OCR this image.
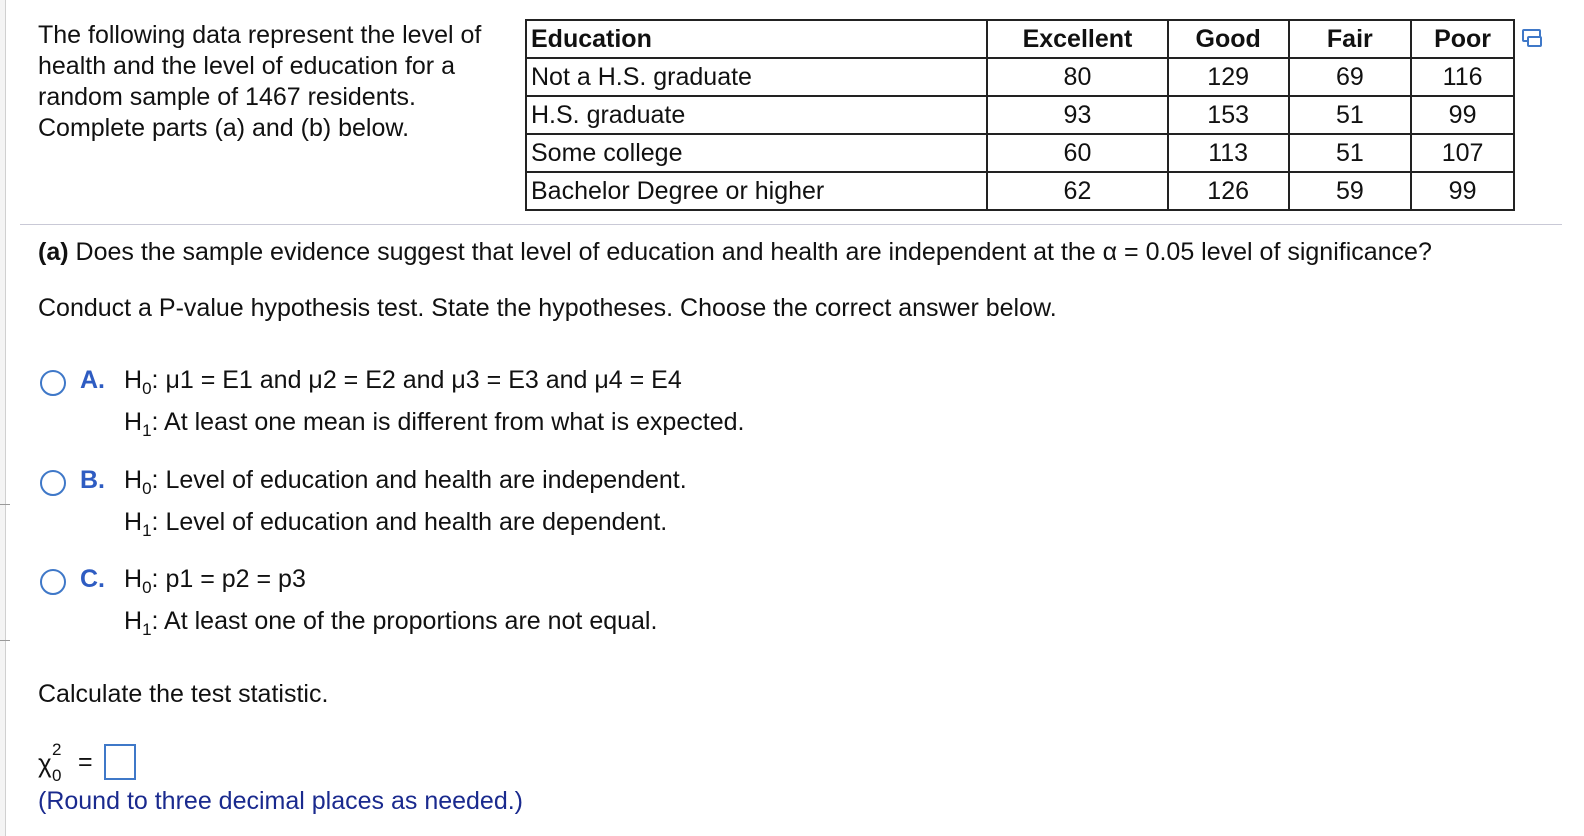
The following data represent the level of health and the level of education for a random sample of 1467 residents. Complete parts (a) and (b) below.
Education	Excellent	Good	Fair	Poor
Not a H.S. graduate	80	129	69	116
H.S. graduate	93	153	51	99
Some college	60	113	51	107
Bachelor Degree or higher	62	126	59	99
(a) Does the sample evidence suggest that level of education and health are independent at the α = 0.05 level of significance?
Conduct a P-value hypothesis test. State the hypotheses. Choose the correct answer below.
A. $H_0$: μ1 = E1 and μ2 = E2 and μ3 = E3 and μ4 = E4
$H_1$: At least one mean is different from what is expected.
B. $H_0$: Level of education and health are independent.
$H_1$: Level of education and health are dependent.
C. $H_0$: p1 = p2 = p3
$H_1$: At least one of the proportions are not equal.
Calculate the test statistic.
χ 2
0 =
(Round to three decimal places as needed.)
